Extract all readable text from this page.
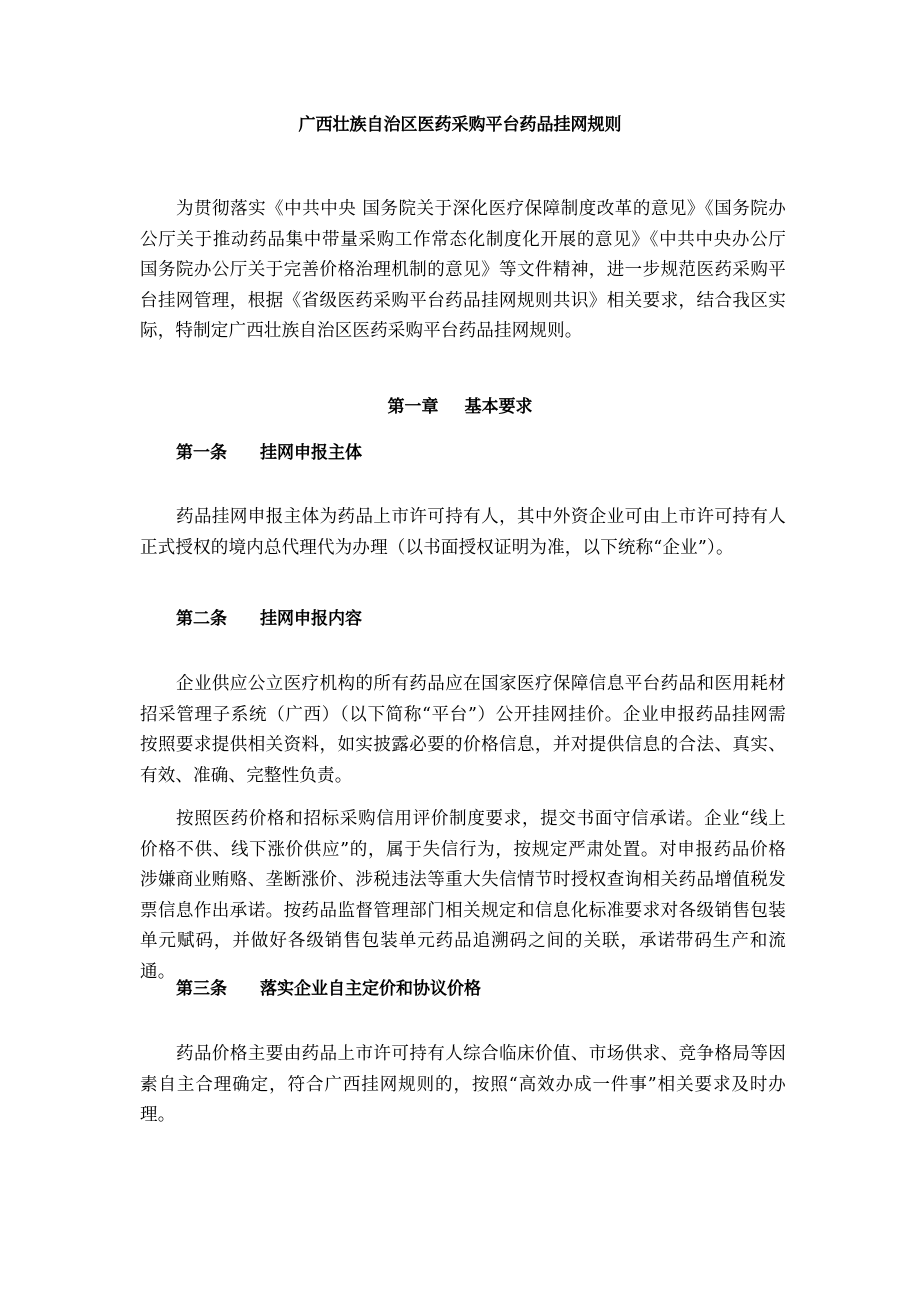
广西壮族自治区医药采购平台药品挂网规则

为贯彻落实《中共中央 国务院关于深化医疗保障制度改革的意见》《国务院办公厅关于推动药品集中带量采购工作常态化制度化开展的意见》《中共中央办公厅　国务院办公厅关于完善价格治理机制的意见》等文件精神，进一步规范医药采购平台挂网管理，根据《省级医药采购平台药品挂网规则共识》相关要求，结合我区实际，特制定广西壮族自治区医药采购平台药品挂网规则。

第一章 基本要求
第一条 挂网申报主体

药品挂网申报主体为药品上市许可持有人，其中外资企业可由上市许可持有人正式授权的境内总代理代为办理（以书面授权证明为准，以下统称“企业”）。

第二条 挂网申报内容

企业供应公立医疗机构的所有药品应在国家医疗保障信息平台药品和医用耗材招采管理子系统（广西）（以下简称“平台”）公开挂网挂价。企业申报药品挂网需按照要求提供相关资料，如实披露必要的价格信息，并对提供信息的合法、真实、有效、准确、完整性负责。

按照医药价格和招标采购信用评价制度要求，提交书面守信承诺。企业“线上价格不供、线下涨价供应”的，属于失信行为，按规定严肃处置。对申报药品价格涉嫌商业贿赂、垄断涨价、涉税违法等重大失信情节时授权查询相关药品增值税发票信息作出承诺。按药品监督管理部门相关规定和信息化标准要求对各级销售包装单元赋码，并做好各级销售包装单元药品追溯码之间的关联，承诺带码生产和流通。

第三条 落实企业自主定价和协议价格

药品价格主要由药品上市许可持有人综合临床价值、市场供求、竞争格局等因素自主合理确定，符合广西挂网规则的，按照“高效办成一件事”相关要求及时办理。
